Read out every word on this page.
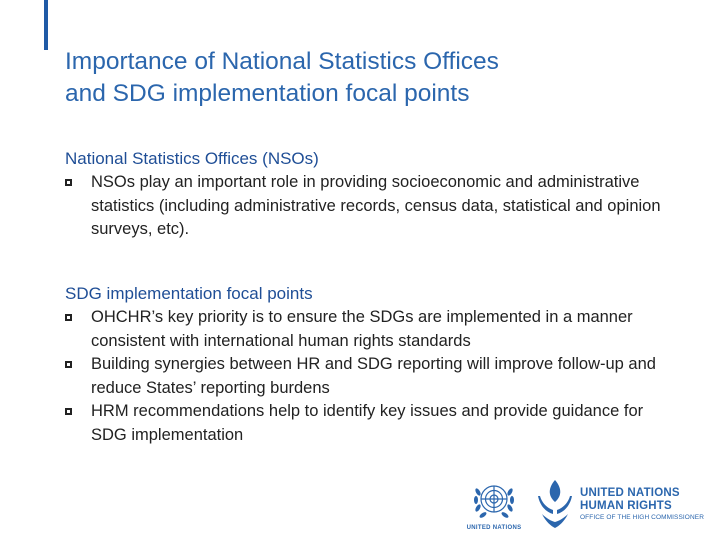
Importance of National Statistics Offices
and SDG implementation focal points
National Statistics Offices (NSOs)
NSOs play an important role in providing socioeconomic and administrative statistics (including administrative records, census data, statistical and opinion surveys, etc).
SDG implementation focal points
OHCHR’s key priority is to ensure the SDGs are implemented in a manner consistent with international human rights standards
Building synergies between HR and SDG reporting will improve follow-up and reduce States’ reporting burdens
HRM recommendations help to identify key issues and provide guidance for SDG implementation
UNITED NATIONS
UNITED NATIONS
HUMAN RIGHTS
OFFICE OF THE HIGH COMMISSIONER
